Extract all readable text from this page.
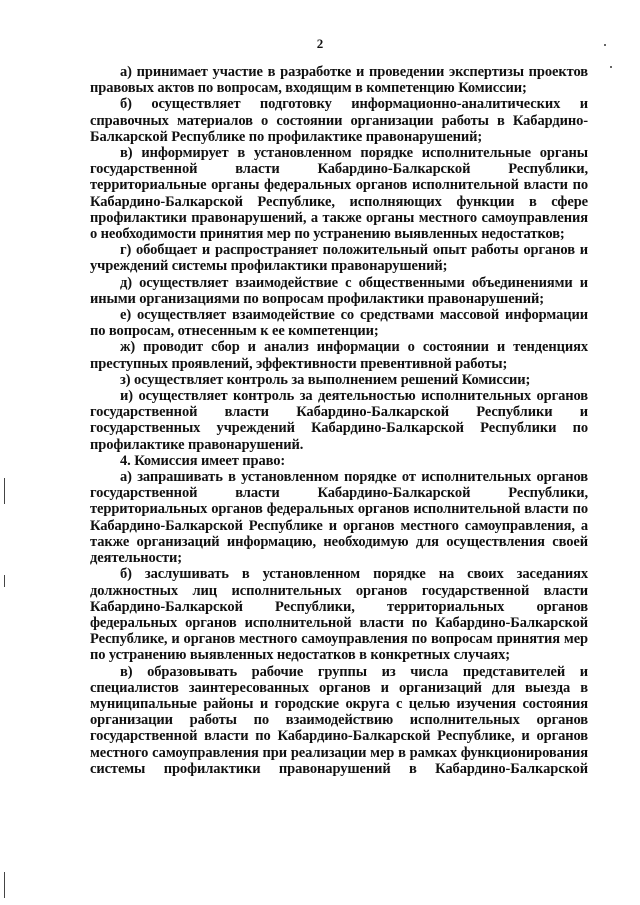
2

а) принимает участие в разработке и проведении экспертизы проектов правовых актов по вопросам, входящим в компетенцию Комиссии;

б) осуществляет подготовку информационно-аналитических и справочных материалов о состоянии организации работы в Кабардино-Балкарской Республике по профилактике правонарушений;

в) информирует в установленном порядке исполнительные органы государственной власти Кабардино-Балкарской Республики, территориальные органы федеральных органов исполнительной власти по Кабардино-Балкарской Республике, исполняющих функции в сфере профилактики правонарушений, а также органы местного самоуправления о необходимости принятия мер по устранению выявленных недостатков;

г) обобщает и распространяет положительный опыт работы органов и учреждений системы профилактики правонарушений;

д) осуществляет взаимодействие с общественными объединениями и иными организациями по вопросам профилактики правонарушений;

е) осуществляет взаимодействие со средствами массовой информации по вопросам, отнесенным к ее компетенции;

ж) проводит сбор и анализ информации о состоянии и тенденциях преступных проявлений, эффективности превентивной работы;

з) осуществляет контроль за выполнением решений Комиссии;

и) осуществляет контроль за деятельностью исполнительных органов государственной власти Кабардино-Балкарской Республики и государственных учреждений Кабардино-Балкарской Республики по профилактике правонарушений.

4. Комиссия имеет право:

а) запрашивать в установленном порядке от исполнительных органов государственной власти Кабардино-Балкарской Республики, территориальных органов федеральных органов исполнительной власти по Кабардино-Балкарской Республике и органов местного самоуправления, а также организаций информацию, необходимую для осуществления своей деятельности;

б) заслушивать в установленном порядке на своих заседаниях должностных лиц исполнительных органов государственной власти Кабардино-Балкарской Республики, территориальных органов федеральных органов исполнительной власти по Кабардино-Балкарской Республике, и органов местного самоуправления по вопросам принятия мер по устранению выявленных недостатков в конкретных случаях;

в) образовывать рабочие группы из числа представителей и специалистов заинтересованных органов и организаций для выезда в муниципальные районы и городские округа с целью изучения состояния организации работы по взаимодействию исполнительных органов государственной власти по Кабардино-Балкарской Республике, и органов местного самоуправления при реализации мер в рамках функционирования системы профилактики правонарушений в Кабардино-Балкарской
